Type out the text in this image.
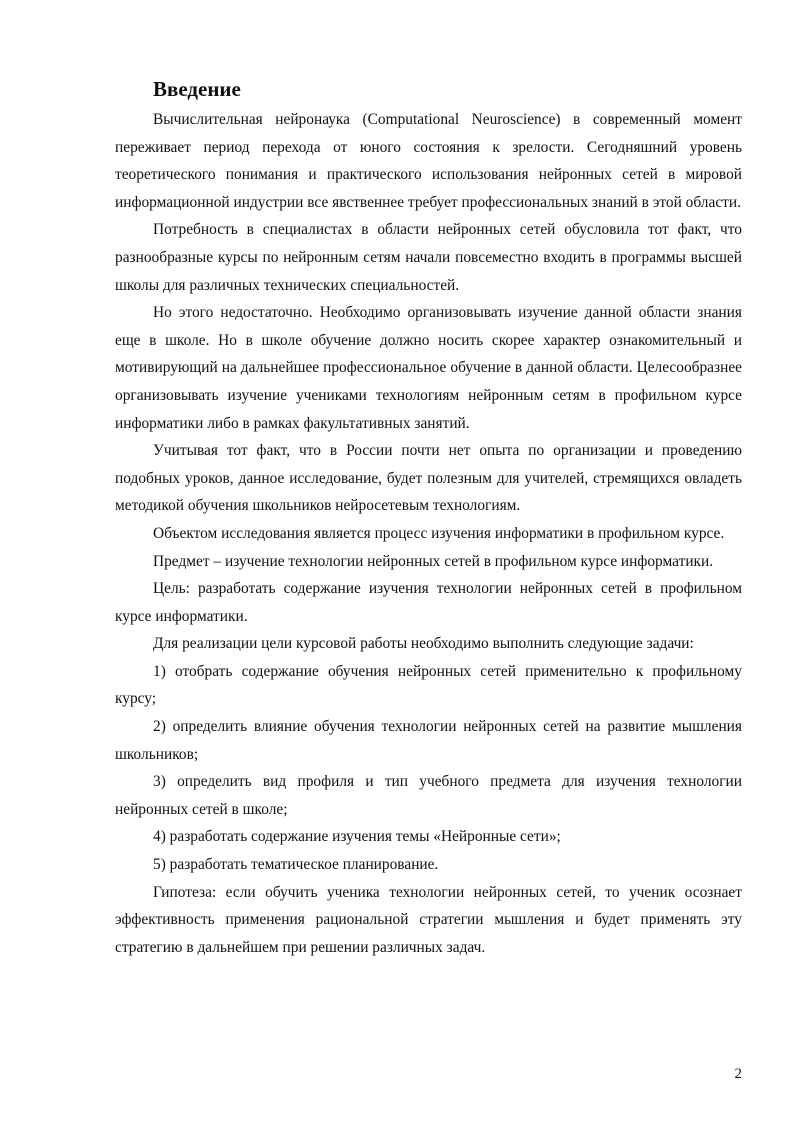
Введение

Вычислительная нейронаука (Computational Neuroscience) в современный момент переживает период перехода от юного состояния к зрелости. Сегодняшний уровень теоретического понимания и практического использования нейронных сетей в мировой информационной индустрии все явственнее требует профессиональных знаний в этой области.

Потребность в специалистах в области нейронных сетей обусловила тот факт, что разнообразные курсы по нейронным сетям начали повсеместно входить в программы высшей школы для различных технических специальностей.

Но этого недостаточно. Необходимо организовывать изучение данной области знания еще в школе. Но в школе обучение должно носить скорее характер ознакомительный и мотивирующий на дальнейшее профессиональное обучение в данной области. Целесообразнее организовывать изучение учениками технологиям нейронным сетям в профильном курсе информатики либо в рамках факультативных занятий.

Учитывая тот факт, что в России почти нет опыта по организации и проведению подобных уроков, данное исследование, будет полезным для учителей, стремящихся овладеть методикой обучения школьников нейросетевым технологиям.

Объектом исследования является процесс изучения информатики в профильном курсе.

Предмет – изучение технологии нейронных сетей в профильном курсе информатики.

Цель: разработать содержание изучения технологии нейронных сетей в профильном курсе информатики.

Для реализации цели курсовой работы необходимо выполнить следующие задачи:

1) отобрать содержание обучения нейронных сетей применительно к профильному курсу;

2) определить влияние обучения технологии нейронных сетей на развитие мышления школьников;

3) определить вид профиля и тип учебного предмета для изучения технологии нейронных сетей в школе;

4) разработать содержание изучения темы «Нейронные сети»;

5) разработать тематическое планирование.

Гипотеза: если обучить ученика технологии нейронных сетей, то ученик осознает эффективность применения рациональной стратегии мышления и будет применять эту стратегию в дальнейшем при решении различных задач.

2
